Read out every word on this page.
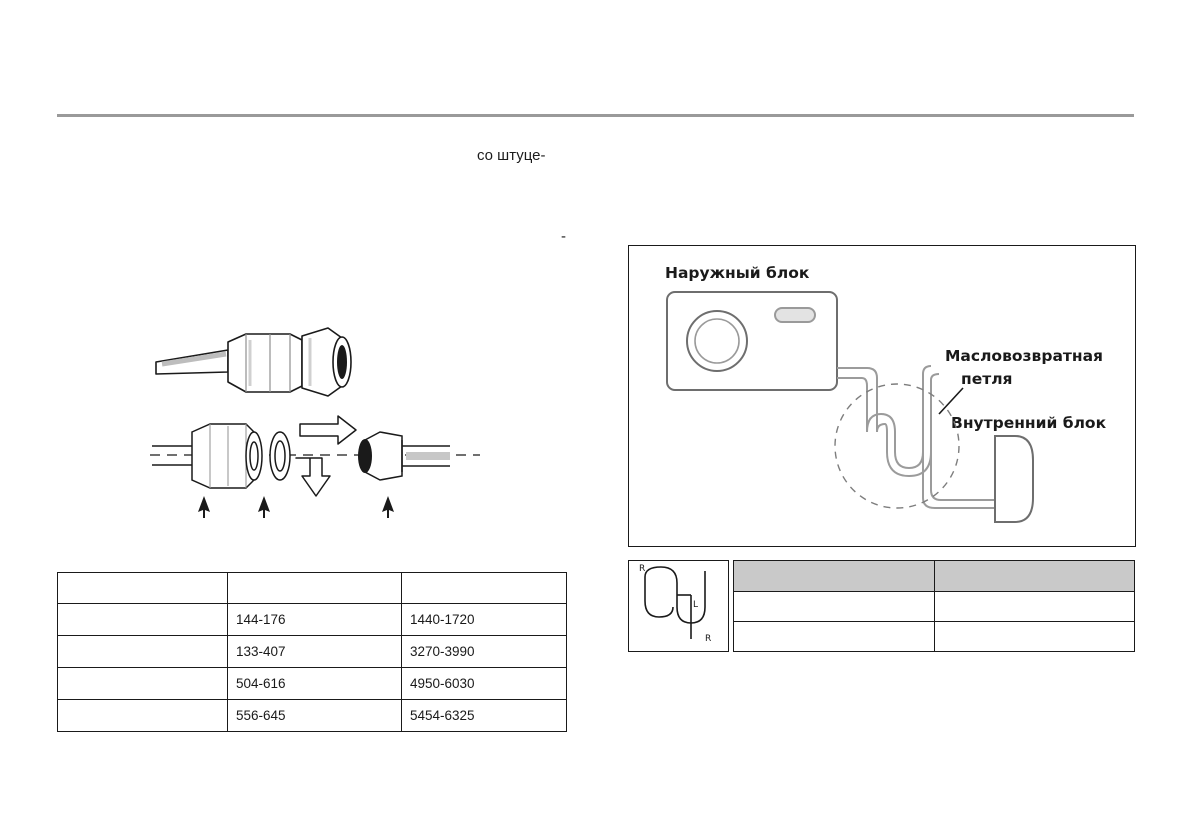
со штуце-
-

	144-176	1440-1720
	133-407	3270-3990
	504-616	4950-6030
	556-645	5454-6325
Наружный блок
Масловозвратная
петля
Внутренний блок
R
L
R
